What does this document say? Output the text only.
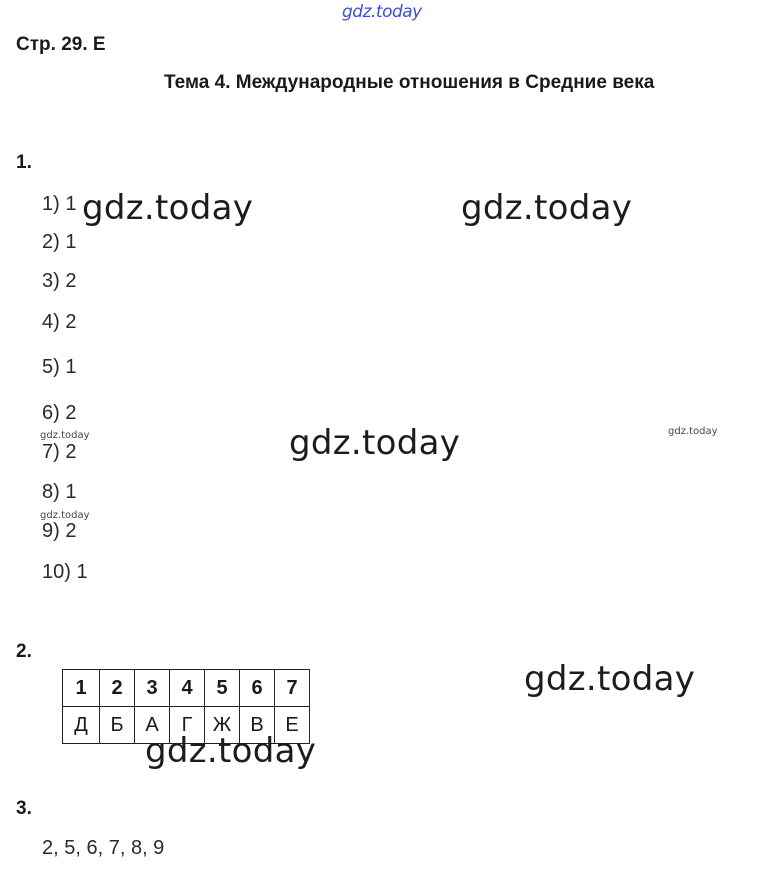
gdz.today
Стр. 29. Е
Тема 4. Международные отношения в Средние века
1.
1) 1
2) 1
3) 2
4) 2
5) 1
6) 2
7) 2
8) 1
9) 2
10) 1
2.
1	2	3	4	5	6	7
Д	Б	А	Г	Ж	В	Е
3.
2, 5, 6, 7, 8, 9
gdz.today	gdz.today
gdz.today
gdz.today
gdz.today
gdz.today	gdz.today
gdz.today
